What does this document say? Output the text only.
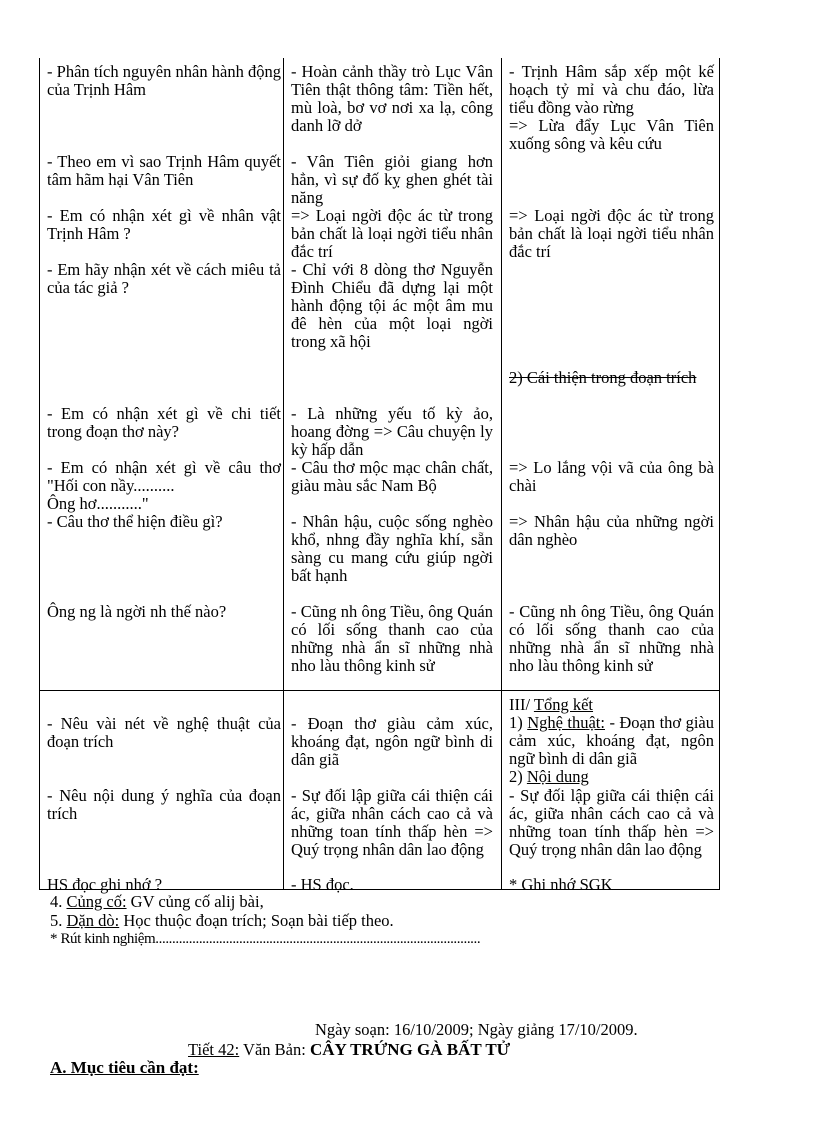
- Phân tích nguyên nhân hành động của Trịnh Hâm
- Theo em vì sao Trịnh Hâm quyết tâm hãm hại Vân Tiên
- Em có nhận xét gì về nhân vật Trịnh Hâm ?
- Em hãy nhận xét về cách miêu tả của tác giả ?
- Em có nhận xét gì về chi tiết trong đoạn thơ này?
- Em có nhận xét gì về câu thơ "Hối con nầy..........
Ông hơ..........."
- Câu thơ thể hiện điều gì?
Ông ng là ngời nh thế nào?
- Nêu vài nét về nghệ thuật của đoạn trích
- Nêu nội dung ý nghĩa của đoạn trích
HS đọc ghi nhớ ?
- Hoàn cảnh thầy trò Lục Vân Tiên thật thông tâm: Tiền hết, mù loà, bơ vơ nơi xa lạ, công danh lỡ dở
- Vân Tiên giỏi giang hơn hẳn, vì sự đố kỵ ghen ghét tài năng
=> Loại ngời độc ác từ trong bản chất là loại ngời tiểu nhân đắc trí
- Chỉ với 8 dòng thơ Nguyễn Đình Chiểu đã dựng lại một hành động tội ác một âm mu đê hèn của một loại ngời trong xã hội
- Là những yếu tố kỳ ảo, hoang đờng => Câu chuyện ly kỳ hấp dẫn
- Câu thơ mộc mạc chân chất, giàu màu sắc Nam Bộ
- Nhân hậu, cuộc sống nghèo khổ, nhng đầy nghĩa khí, sẵn sàng cu mang cứu giúp ngời bất hạnh
- Cũng nh ông Tiều, ông Quán có lối sống thanh cao của những nhà ẩn sĩ những nhà nho làu thông kinh sử
- Đoạn thơ giàu cảm xúc, khoáng đạt, ngôn ngữ bình di dân giã
- Sự đối lập giữa cái thiện cái ác, giữa nhân cách cao cả và những toan tính thấp hèn => Quý trọng nhân dân lao động
- HS đọc.
- Trịnh Hâm sắp xếp một kế hoạch tỷ mỉ và chu đáo, lừa tiểu đồng vào rừng
=> Lừa đẩy Lục Vân Tiên xuống sông và kêu cứu
=> Loại ngời độc ác từ trong bản chất là loại ngời tiểu nhân đắc trí
2) Cái thiện trong đoạn trích
=> Lo lắng vội vã của ông bà chài
=> Nhân hậu của những ngời dân nghèo
- Cũng nh ông Tiều, ông Quán có lối sống thanh cao của những nhà ẩn sĩ những nhà nho làu thông kinh sử
III/ Tổng kết
1) Nghệ thuật: - Đoạn thơ giàu cảm xúc, khoáng đạt, ngôn ngữ bình di dân giã
2) Nội dung
- Sự đối lập giữa cái thiện cái ác, giữa nhân cách cao cả và những toan tính thấp hèn => Quý trọng nhân dân lao động
* Ghi nhớ SGK
4. Củng cố: GV củng cố alij bài,
5. Dặn dò: Học thuộc đoạn trích; Soạn bài tiếp theo.
* Rút kinh nghiệm.................................................................................................
Ngày soạn: 16/10/2009; Ngày giảng 17/10/2009.
Tiết 42: Văn Bản: CÂY TRỨNG GÀ BẤT TỬ
A. Mục tiêu cần đạt:
